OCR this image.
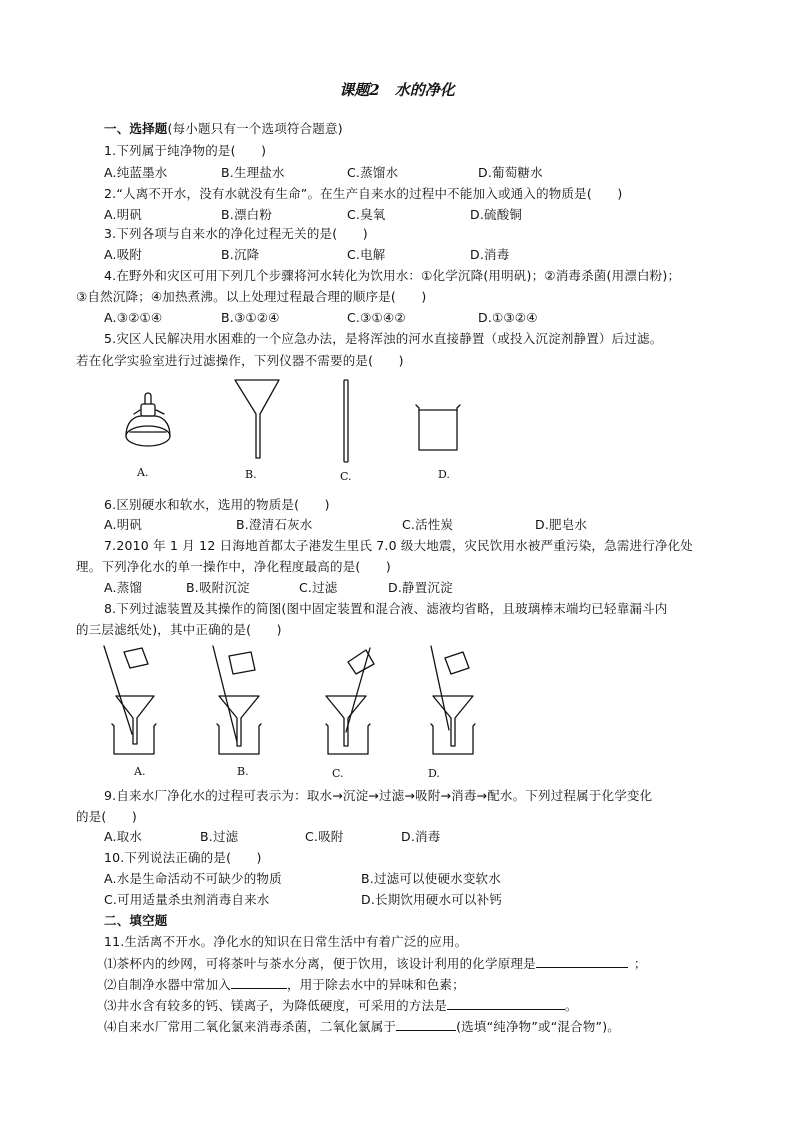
课题2　水的净化
一、选择题(每小题只有一个选项符合题意)
1.下列属于纯净物的是(　　)
A.纯蓝墨水	B.生理盐水	C.蒸馏水	D.葡萄糖水
2.“人离不开水，没有水就没有生命”。在生产自来水的过程中不能加入或通入的物质是(　　)
A.明矾	B.漂白粉	C.臭氧	D.硫酸铜
3.下列各项与自来水的净化过程无关的是(　　)
A.吸附	B.沉降	C.电解	D.消毒
4.在野外和灾区可用下列几个步骤将河水转化为饮用水：①化学沉降(用明矾)；②消毒杀菌(用漂白粉)；
③自然沉降；④加热煮沸。以上处理过程最合理的顺序是(　　)
A.③②①④	B.③①②④	C.③①④②	D.①③②④
5.灾区人民解决用水困难的一个应急办法，是将浑浊的河水直接静置（或投入沉淀剂静置）后过滤。
若在化学实验室进行过滤操作，下列仪器不需要的是(　　)
A.	B.	C.	D.
6.区别硬水和软水，选用的物质是(　　)
A.明矾	B.澄清石灰水	C.活性炭	D.肥皂水
7.2010 年 1 月 12 日海地首都太子港发生里氏 7.0 级大地震，灾民饮用水被严重污染，急需进行净化处
理。下列净化水的单一操作中，净化程度最高的是(　　)
A.蒸馏	B.吸附沉淀	C.过滤	D.静置沉淀
8.下列过滤装置及其操作的简图(图中固定装置和混合液、滤液均省略，且玻璃棒末端均已轻靠漏斗内
的三层滤纸处)，其中正确的是(　　)
A.	B.	C.	D.
9.自来水厂净化水的过程可表示为：取水→沉淀→过滤→吸附→消毒→配水。下列过程属于化学变化
的是(　　)
A.取水	B.过滤	C.吸附	D.消毒
10.下列说法正确的是(　　)
A.水是生命活动不可缺少的物质	B.过滤可以使硬水变软水
C.可用适量杀虫剂消毒自来水	D.长期饮用硬水可以补钙
二、填空题
11.生活离不开水。净化水的知识在日常生活中有着广泛的应用。
⑴茶杯内的纱网，可将茶叶与茶水分离，便于饮用，该设计利用的化学原理是	；
⑵自制净水器中常加入	，用于除去水中的异味和色素；
⑶井水含有较多的钙、镁离子，为降低硬度，可采用的方法是	。
⑷自来水厂常用二氧化氯来消毒杀菌，二氧化氯属于	(选填“纯净物”或“混合物”)。
